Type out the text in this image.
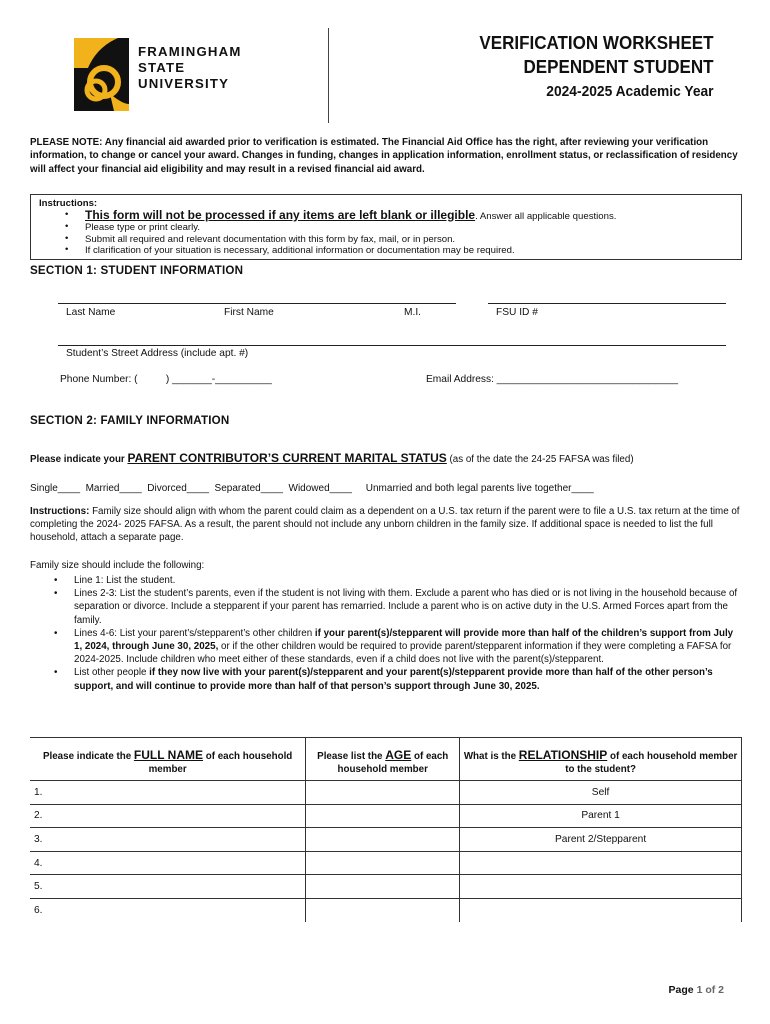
FRAMINGHAM
STATE
UNIVERSITY
VERIFICATION WORKSHEET
DEPENDENT STUDENT
2024-2025 Academic Year
PLEASE NOTE: Any financial aid awarded prior to verification is estimated. The Financial Aid Office has the right, after reviewing your verification information, to change or cancel your award. Changes in funding, changes in application information, enrollment status, or reclassification of residency will affect your financial aid eligibility and may result in a revised financial aid award.
Instructions:
• This form will not be processed if any items are left blank or illegible. Answer all applicable questions.
• Please type or print clearly.
• Submit all required and relevant documentation with this form by fax, mail, or in person.
• If clarification of your situation is necessary, additional information or documentation may be required.
SECTION 1: STUDENT INFORMATION
Last Name	First Name	M.I.	FSU ID #
Student’s Street Address (include apt. #)
Phone Number: (          ) _______-__________	Email Address: ________________________________
SECTION 2: FAMILY INFORMATION
Please indicate your PARENT CONTRIBUTOR’S CURRENT MARITAL STATUS (as of the date the 24-25 FAFSA was filed)
Single____  Married____  Divorced____  Separated____  Widowed____     Unmarried and both legal parents live together____
Instructions: Family size should align with whom the parent could claim as a dependent on a U.S. tax return if the parent were to file a U.S. tax return at the time of completing the 2024- 2025 FAFSA. As a result, the parent should not include any unborn children in the family size. If additional space is needed to list the full household, attach a separate page.
Family size should include the following:
• Line 1: List the student.
• Lines 2-3: List the student’s parents, even if the student is not living with them. Exclude a parent who has died or is not living in the household because of separation or divorce. Include a stepparent if your parent has remarried. Include a parent who is on active duty in the U.S. Armed Forces apart from the family.
• Lines 4-6: List your parent’s/stepparent’s other children if your parent(s)/stepparent will provide more than half of the children’s support from July 1, 2024, through June 30, 2025, or if the other children would be required to provide parent/stepparent information if they were completing a FAFSA for 2024-2025. Include children who meet either of these standards, even if a child does not live with the parent(s)/stepparent.
• List other people if they now live with your parent(s)/stepparent and your parent(s)/stepparent provide more than half of the other person’s support, and will continue to provide more than half of that person’s support through June 30, 2025.
Please indicate the FULL NAME of each household member	Please list the AGE of each household member	What is the RELATIONSHIP of each household member to the student?
1.		Self
2.		Parent 1
3.		Parent 2/Stepparent
4.		
5.		
6.		
Page 1 of 2
